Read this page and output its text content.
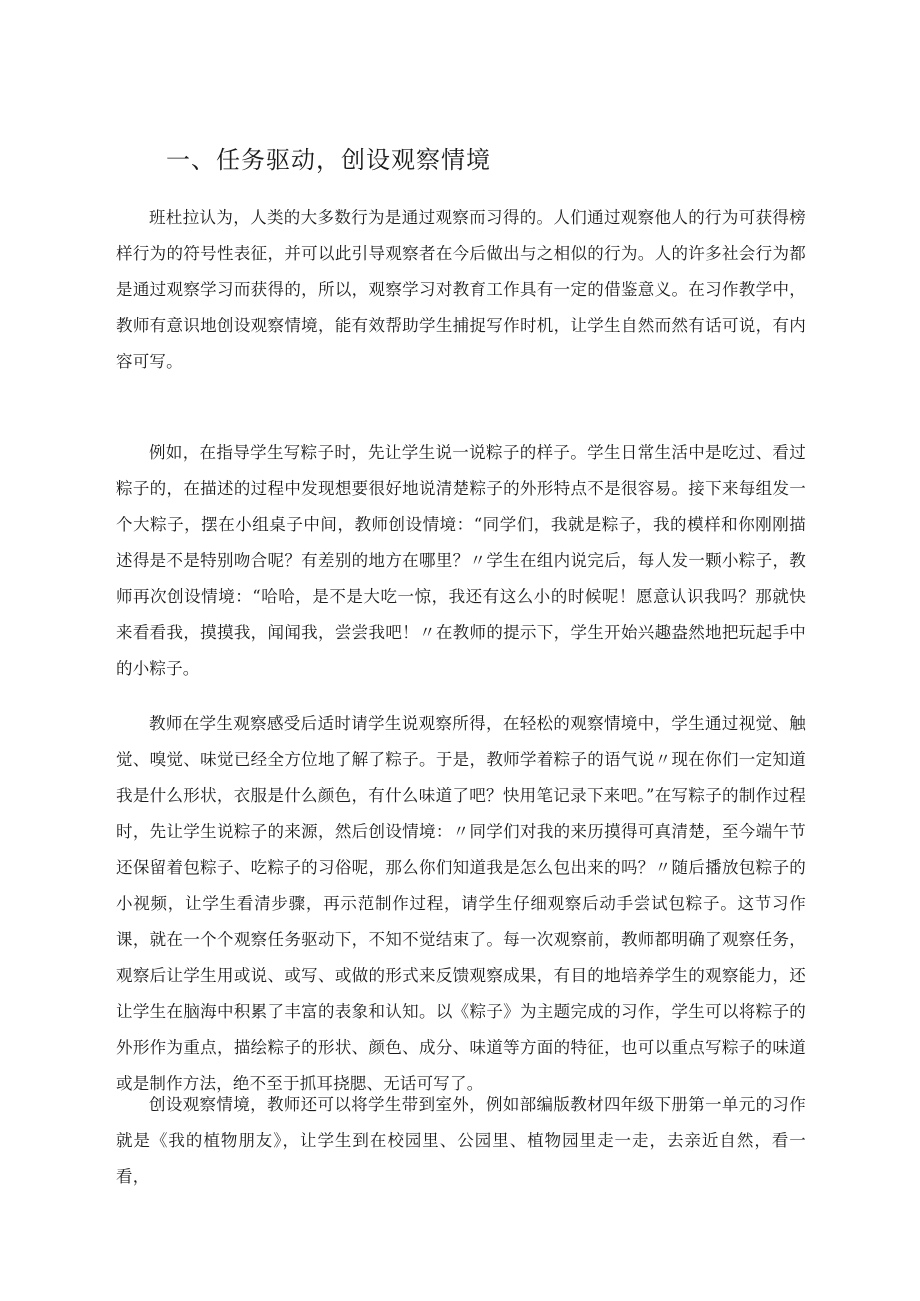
一、任务驱动，创设观察情境

班杜拉认为，人类的大多数行为是通过观察而习得的。人们通过观察他人的行为可获得榜样行为的符号性表征，并可以此引导观察者在今后做出与之相似的行为。人的许多社会行为都是通过观察学习而获得的，所以，观察学习对教育工作具有一定的借鉴意义。在习作教学中，教师有意识地创设观察情境，能有效帮助学生捕捉写作时机，让学生自然而然有话可说，有内容可写。

例如，在指导学生写粽子时，先让学生说一说粽子的样子。学生日常生活中是吃过、看过粽子的，在描述的过程中发现想要很好地说清楚粽子的外形特点不是很容易。接下来每组发一个大粽子，摆在小组桌子中间，教师创设情境：“同学们，我就是粽子，我的模样和你刚刚描述得是不是特别吻合呢？有差别的地方在哪里？〃学生在组内说完后，每人发一颗小粽子，教师再次创设情境：“哈哈，是不是大吃一惊，我还有这么小的时候呢！愿意认识我吗？那就快来看看我，摸摸我，闻闻我，尝尝我吧！〃在教师的提示下，学生开始兴趣盎然地把玩起手中的小粽子。

教师在学生观察感受后适时请学生说观察所得，在轻松的观察情境中，学生通过视觉、触觉、嗅觉、味觉已经全方位地了解了粽子。于是，教师学着粽子的语气说〃现在你们一定知道我是什么形状，衣服是什么颜色，有什么味道了吧？快用笔记录下来吧。”在写粽子的制作过程时，先让学生说粽子的来源，然后创设情境：〃同学们对我的来历摸得可真清楚，至今端午节还保留着包粽子、吃粽子的习俗呢，那么你们知道我是怎么包出来的吗？〃随后播放包粽子的小视频，让学生看清步骤，再示范制作过程，请学生仔细观察后动手尝试包粽子。这节习作课，就在一个个观察任务驱动下，不知不觉结束了。每一次观察前，教师都明确了观察任务，观察后让学生用或说、或写、或做的形式来反馈观察成果，有目的地培养学生的观察能力，还让学生在脑海中积累了丰富的表象和认知。以《粽子》为主题完成的习作，学生可以将粽子的外形作为重点，描绘粽子的形状、颜色、成分、味道等方面的特征，也可以重点写粽子的味道或是制作方法，绝不至于抓耳挠腮、无话可写了。

创设观察情境，教师还可以将学生带到室外，例如部编版教材四年级下册第一单元的习作就是《我的植物朋友》，让学生到在校园里、公园里、植物园里走一走，去亲近自然，看一看，
